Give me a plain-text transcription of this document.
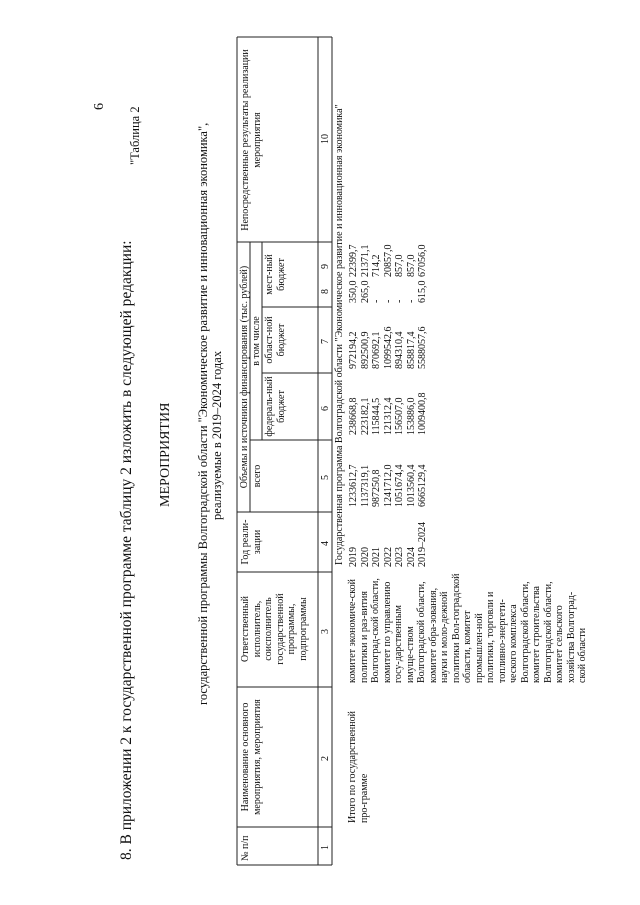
6
8. В приложении 2 к государственной программе таблицу 2 изложить в следующей редакции:
"Таблица 2
МЕРОПРИЯТИЯ государственной программы Волгоградской области "Экономическое развитие и инновационная экономика", реализуемые в 2019–2024 годах
№ п/п
Наименование основного мероприятия, мероприятия
Ответственный исполнитель, соисполнитель государственной программы, подпрограммы
Год реали-зации
Объемы и источники финансирования (тыс. рублей) всего
в том числе
федераль-ный бюджет
област-ной бюджет
мест-ный бюджет
Непосредственные результаты реализации мероприятия	Государственная программа Волгоградской области "Экономическое развитие и инновационная экономика"
Итого по государственной про-грамме
комитет экономиче-ской политики и раз-вития Волгоград-ской области, комитет по управлению госу-дарственным имуще-ством Волгоградской области, комитет обра-зования, науки и моло-дежной политики Вол-гоградской области, комитет промышлен-ной политики, торговли и топливно-энергети-ческого комплекса Волгоградской области, комитет строительства Волгоградской области, комитет сельского хозяйства Волгоград-ской области
1
2
3
4
5
6
7
8
9
10
2019 2020 2021 2022 2023 2024 2019–2024
1233612,7 1137319,1 987250,8 1241712,0 1051674,4 1013560,4 6665129,4
238668,8 223182,1 115844,5 121312,4 156507,0 153886,0 1009400,8
972194,2 892500,9 870692,1 1099542,6 894310,4 858817,4 5588057,6
350,0 265,0 - - - - 615,0
22399,7 21371,1 714,2 20857,0 857,0 857,0 67056,0
